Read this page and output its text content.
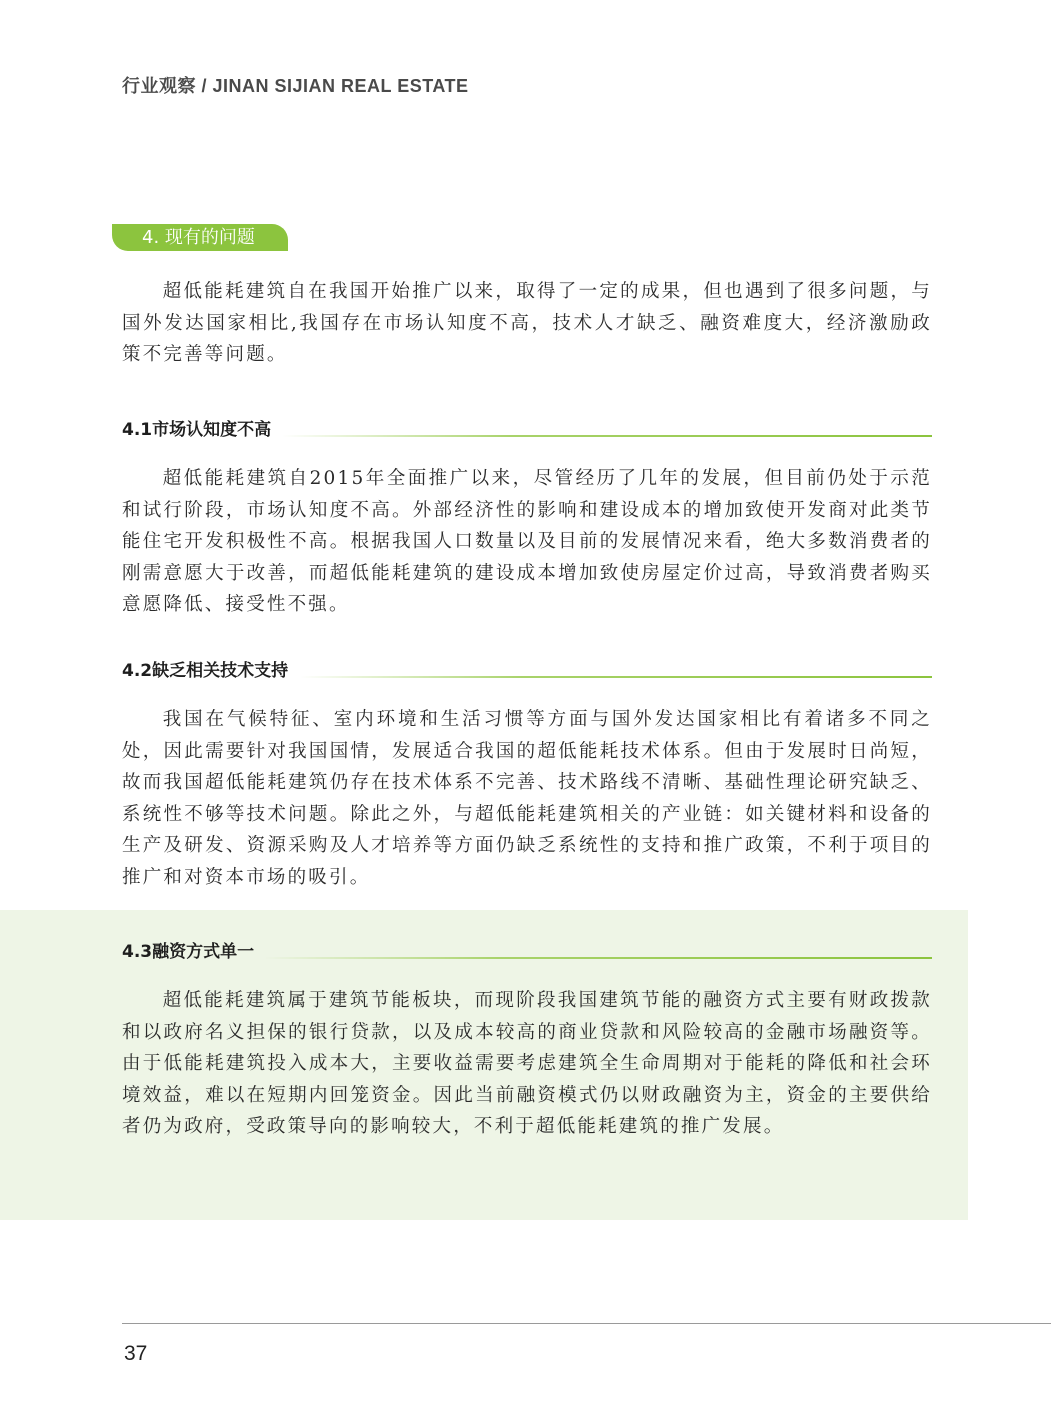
行业观察 / JINAN SIJIAN REAL ESTATE
4. 现有的问题

超低能耗建筑自在我国开始推广以来，取得了一定的成果，但也遇到了很多问题，与国外发达国家相比,我国存在市场认知度不高，技术人才缺乏、融资难度大，经济激励政策不完善等问题。

4.1市场认知度不高

超低能耗建筑自2015年全面推广以来，尽管经历了几年的发展，但目前仍处于示范和试行阶段，市场认知度不高。外部经济性的影响和建设成本的增加致使开发商对此类节能住宅开发积极性不高。根据我国人口数量以及目前的发展情况来看，绝大多数消费者的刚需意愿大于改善，而超低能耗建筑的建设成本增加致使房屋定价过高，导致消费者购买意愿降低、接受性不强。

4.2缺乏相关技术支持

我国在气候特征、室内环境和生活习惯等方面与国外发达国家相比有着诸多不同之处，因此需要针对我国国情，发展适合我国的超低能耗技术体系。但由于发展时日尚短，故而我国超低能耗建筑仍存在技术体系不完善、技术路线不清晰、基础性理论研究缺乏、系统性不够等技术问题。除此之外，与超低能耗建筑相关的产业链：如关键材料和设备的生产及研发、资源采购及人才培养等方面仍缺乏系统性的支持和推广政策，不利于项目的推广和对资本市场的吸引。

4.3融资方式单一

超低能耗建筑属于建筑节能板块，而现阶段我国建筑节能的融资方式主要有财政拨款和以政府名义担保的银行贷款，以及成本较高的商业贷款和风险较高的金融市场融资等。由于低能耗建筑投入成本大，主要收益需要考虑建筑全生命周期对于能耗的降低和社会环境效益，难以在短期内回笼资金。因此当前融资模式仍以财政融资为主，资金的主要供给者仍为政府，受政策导向的影响较大，不利于超低能耗建筑的推广发展。

37
